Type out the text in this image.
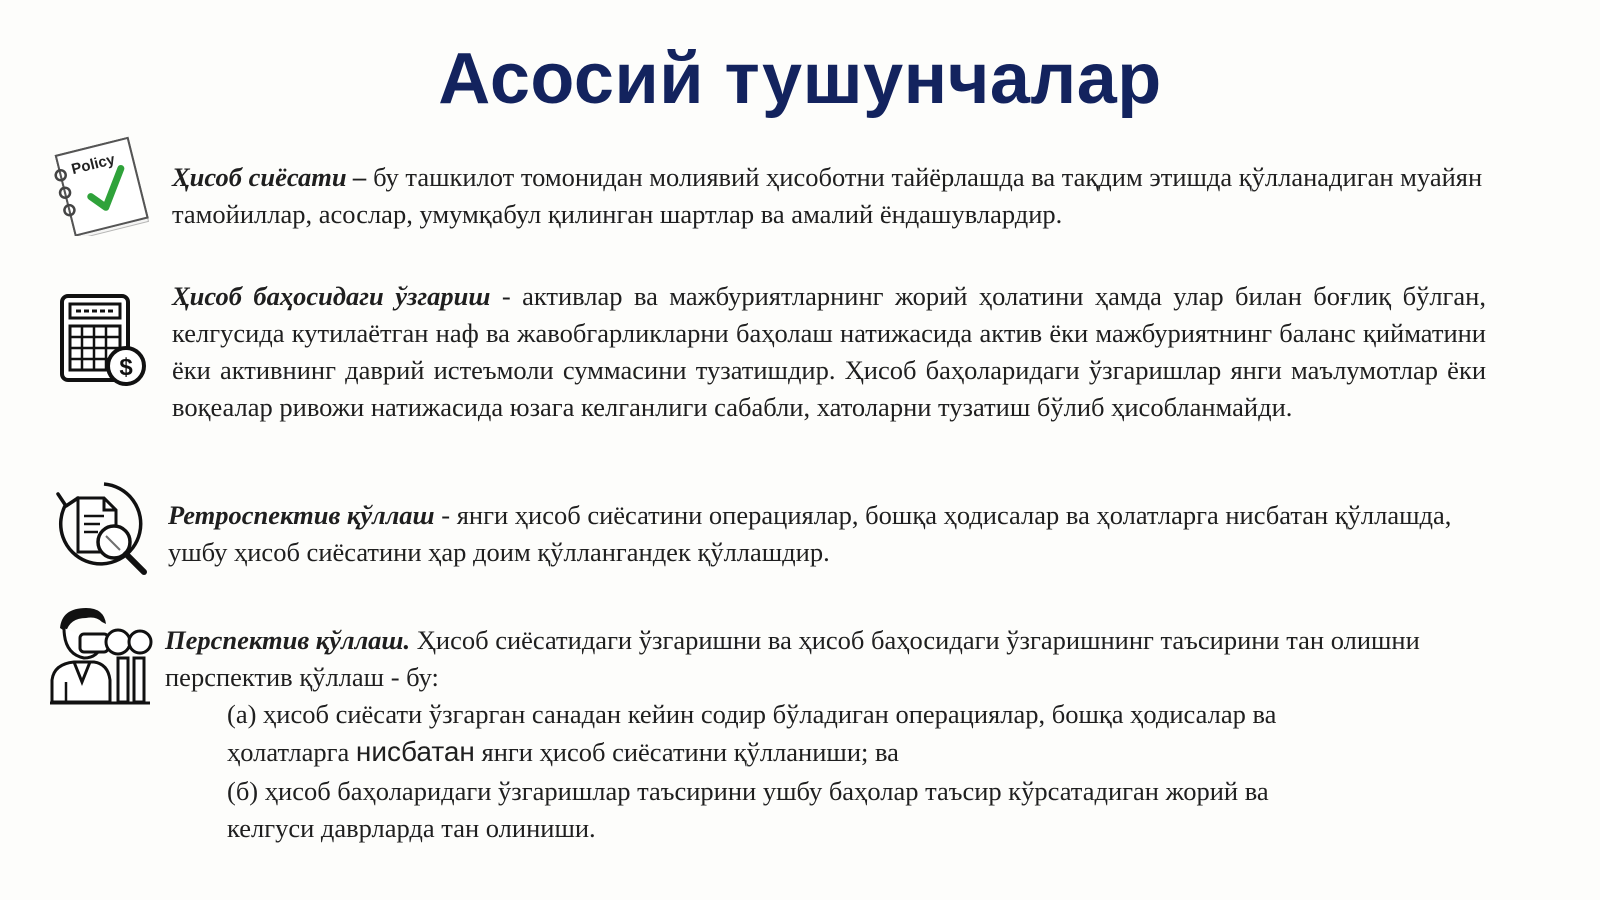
Асосий тушунчалар
Policy Ҳисоб сиёсати – бу ташкилот томонидан молиявий ҳисоботни тайёрлашда ва тақдим этишда қўлланадиган муайян тамойиллар, асослар, умумқабул қилинган шартлар ва амалий ёндашувлардир.

$

Ҳисоб баҳосидаги ўзгариш - активлар ва мажбуриятларнинг жорий ҳолатини ҳамда улар билан боғлиқ бўлган, келгусида кутилаётган наф ва жавобгарликларни баҳолаш натижасида актив ёки мажбуриятнинг баланс қийматини ёки активнинг даврий истеъмоли суммасини тузатишдир. Ҳисоб баҳоларидаги ўзгаришлар янги маълумотлар ёки воқеалар ривожи натижасида юзага келганлиги сабабли, хатоларни тузатиш бўлиб ҳисобланмайди.

Ретроспектив қўллаш - янги ҳисоб сиёсатини операциялар, бошқа ҳодисалар ва ҳолатларга нисбатан қўллашда, ушбу ҳисоб сиёсатини ҳар доим қўллангандек қўллашдир.

Перспектив қўллаш. Ҳисоб сиёсатидаги ўзгаришни ва ҳисоб баҳосидаги ўзгаришнинг таъсирини тан олишни перспектив қўллаш - бу:

(а) ҳисоб сиёсати ўзгарган санадан кейин содир бўладиган операциялар, бошқа ҳодисалар ва
ҳолатларга нисбатан янги ҳисоб сиёсатини қўлланиши; ва

(б) ҳисоб баҳоларидаги ўзгаришлар таъсирини ушбу баҳолар таъсир кўрсатадиган жорий ва
келгуси даврларда тан олиниши.
